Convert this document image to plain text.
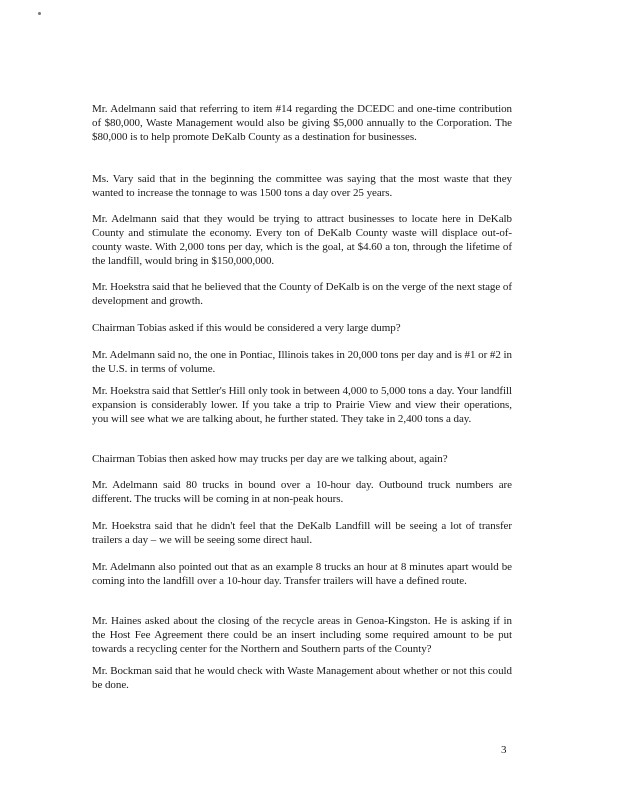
Mr. Adelmann said that referring to item #14 regarding the DCEDC and one-time contribution of $80,000, Waste Management would also be giving $5,000 annually to the Corporation. The $80,000 is to help promote DeKalb County as a destination for businesses.

Ms. Vary said that in the beginning the committee was saying that the most waste that they wanted to increase the tonnage to was 1500 tons a day over 25 years.

Mr. Adelmann said that they would be trying to attract businesses to locate here in DeKalb County and stimulate the economy. Every ton of DeKalb County waste will displace out-of-county waste. With 2,000 tons per day, which is the goal, at $4.60 a ton, through the lifetime of the landfill, would bring in $150,000,000.

Mr. Hoekstra said that he believed that the County of DeKalb is on the verge of the next stage of development and growth.

Chairman Tobias asked if this would be considered a very large dump?

Mr. Adelmann said no, the one in Pontiac, Illinois takes in 20,000 tons per day and is #1 or #2 in the U.S. in terms of volume.

Mr. Hoekstra said that Settler's Hill only took in between 4,000 to 5,000 tons a day. Your landfill expansion is considerably lower. If you take a trip to Prairie View and view their operations, you will see what we are talking about, he further stated. They take in 2,400 tons a day.

Chairman Tobias then asked how may trucks per day are we talking about, again?

Mr. Adelmann said 80 trucks in bound over a 10-hour day. Outbound truck numbers are different. The trucks will be coming in at non-peak hours.

Mr. Hoekstra said that he didn't feel that the DeKalb Landfill will be seeing a lot of transfer trailers a day – we will be seeing some direct haul.

Mr. Adelmann also pointed out that as an example 8 trucks an hour at 8 minutes apart would be coming into the landfill over a 10-hour day. Transfer trailers will have a defined route.

Mr. Haines asked about the closing of the recycle areas in Genoa-Kingston. He is asking if in the Host Fee Agreement there could be an insert including some required amount to be put towards a recycling center for the Northern and Southern parts of the County?

Mr. Bockman said that he would check with Waste Management about whether or not this could be done.

3
